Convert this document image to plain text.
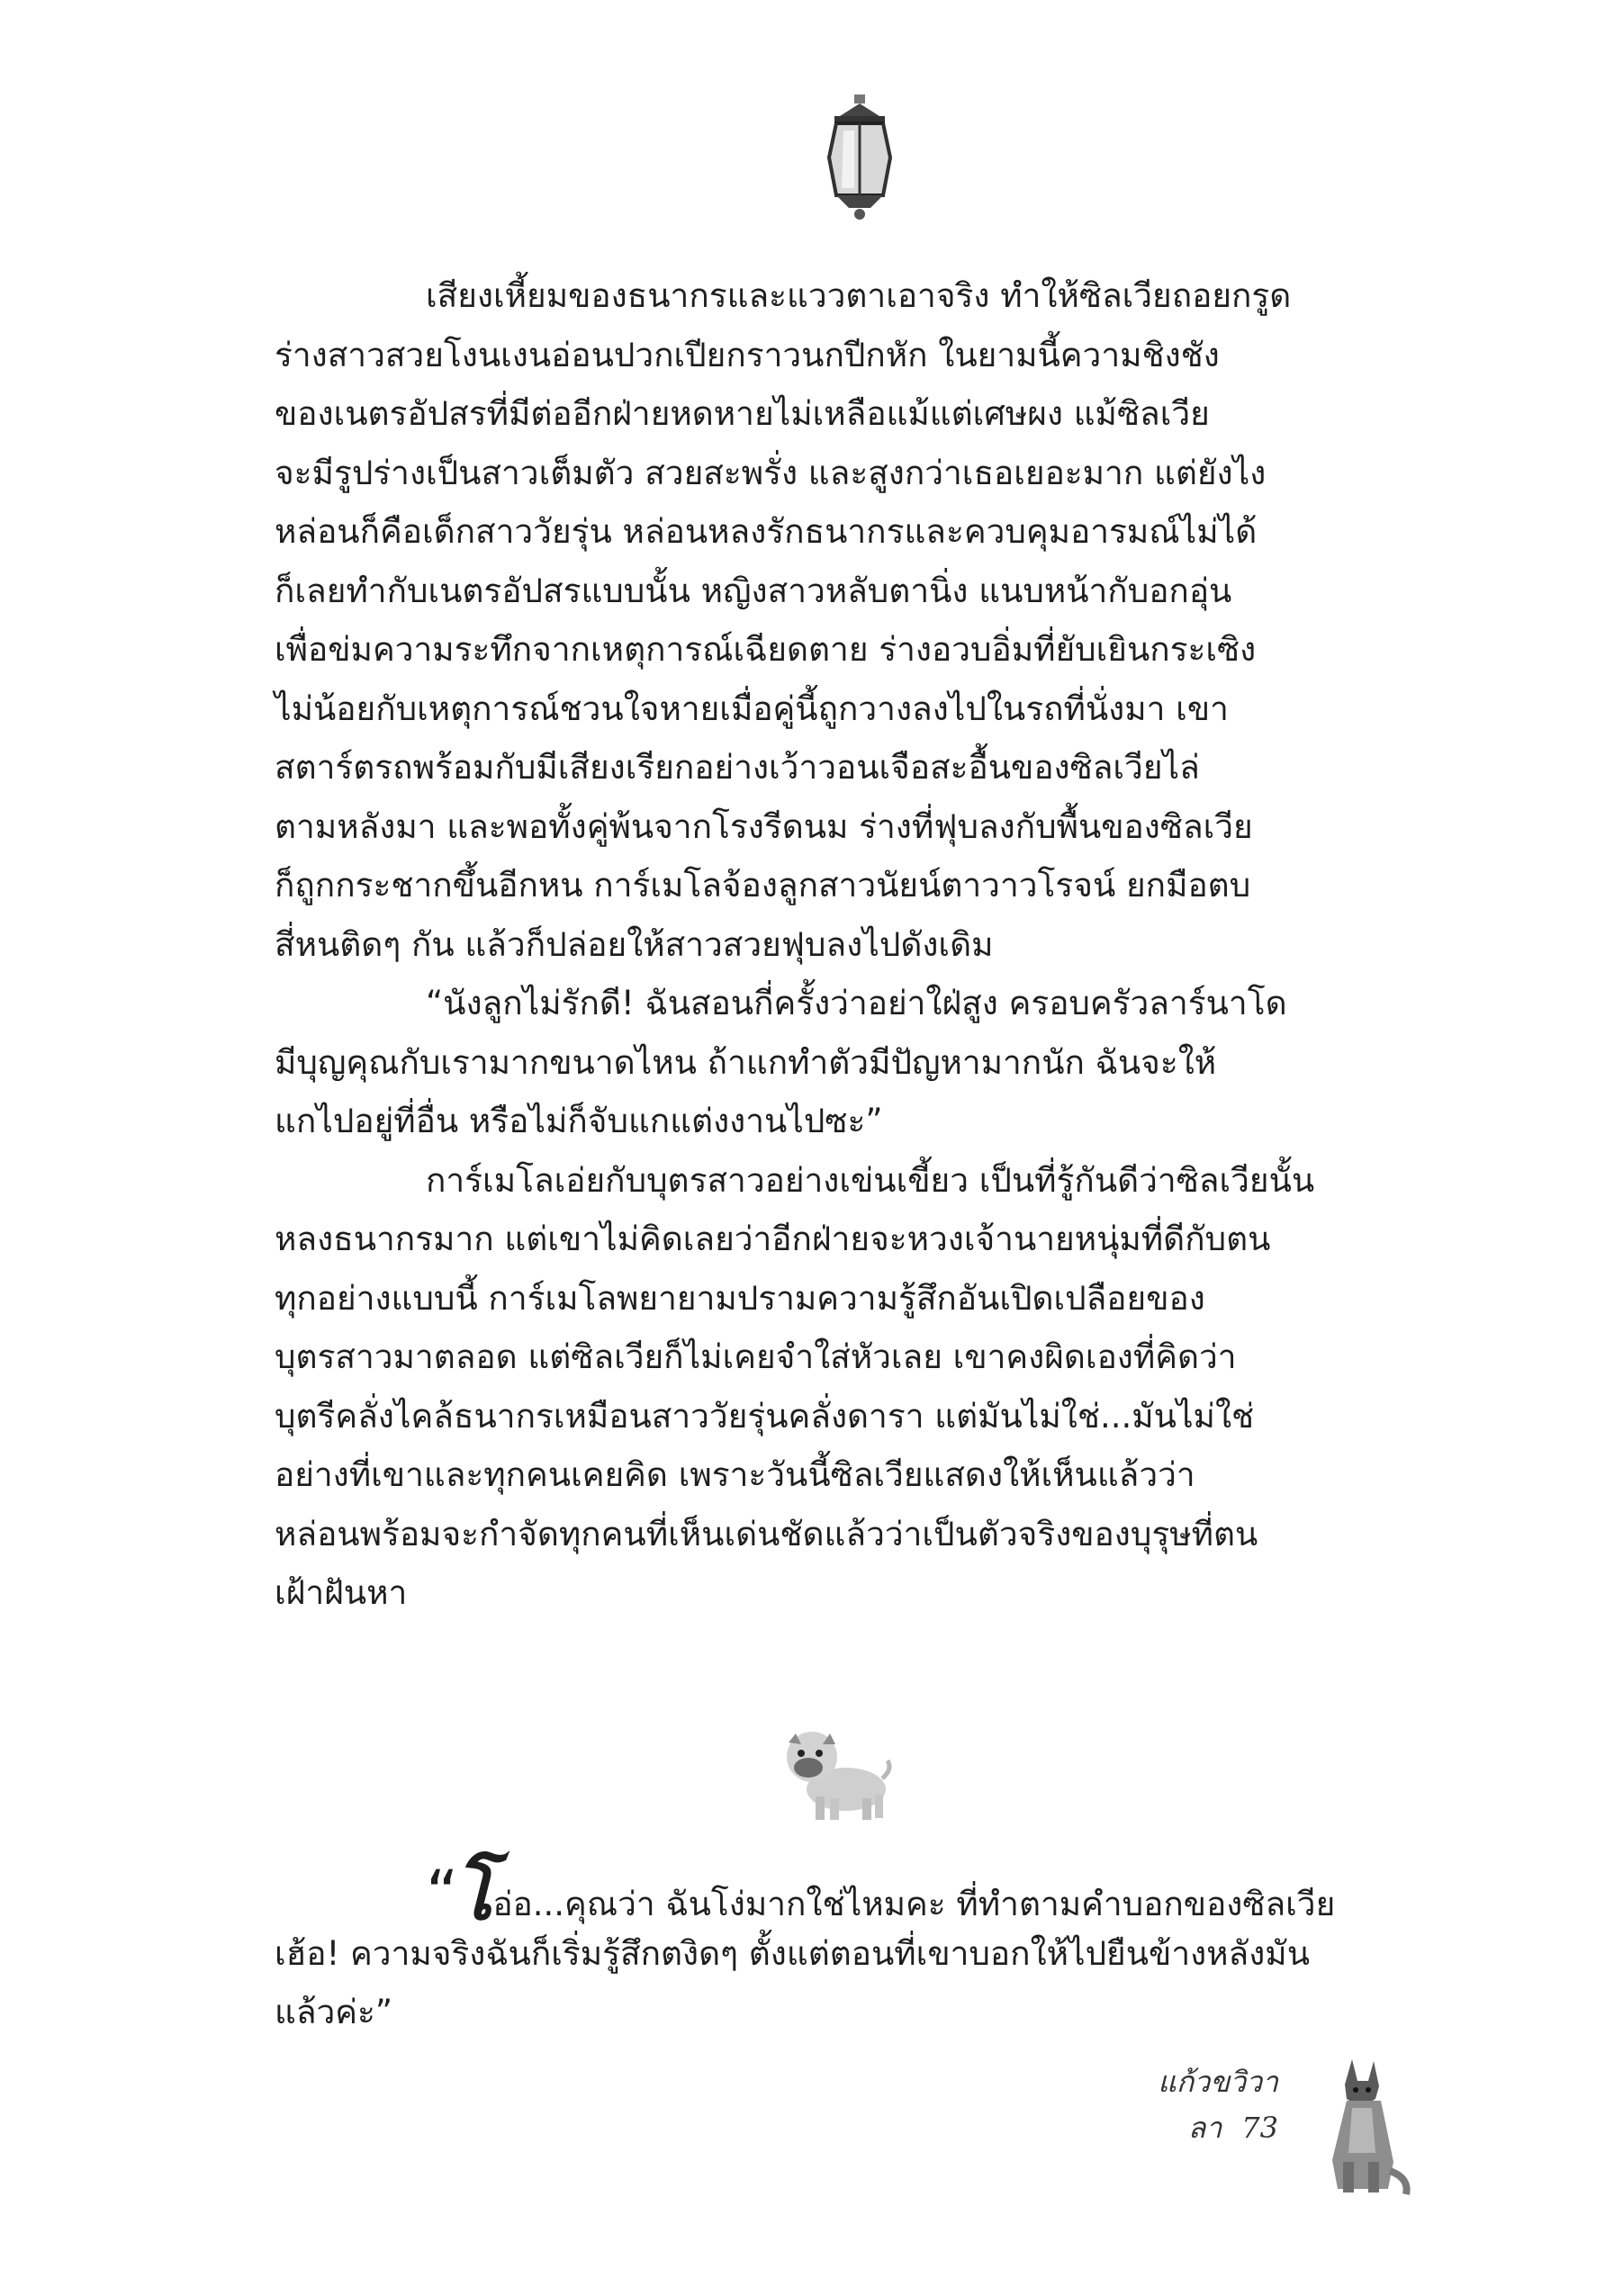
เสียงเหี้ยมของธนากรและแววตาเอาจริง ทำให้ซิลเวียถอยกรูด
ร่างสาวสวยโงนเงนอ่อนปวกเปียกราวนกปีกหัก ในยามนี้ความชิงชัง
ของเนตรอัปสรที่มีต่ออีกฝ่ายหดหายไม่เหลือแม้แต่เศษผง แม้ซิลเวีย
จะมีรูปร่างเป็นสาวเต็มตัว สวยสะพรั่ง และสูงกว่าเธอเยอะมาก แต่ยังไง
หล่อนก็คือเด็กสาววัยรุ่น หล่อนหลงรักธนากรและควบคุมอารมณ์ไม่ได้
ก็เลยทำกับเนตรอัปสรแบบนั้น หญิงสาวหลับตานิ่ง แนบหน้ากับอกอุ่น
เพื่อข่มความระทึกจากเหตุการณ์เฉียดตาย ร่างอวบอิ่มที่ยับเยินกระเซิง
ไม่น้อยกับเหตุการณ์ชวนใจหายเมื่อคู่นี้ถูกวางลงไปในรถที่นั่งมา เขา
สตาร์ตรถพร้อมกับมีเสียงเรียกอย่างเว้าวอนเจือสะอื้นของซิลเวียไล่
ตามหลังมา และพอทั้งคู่พ้นจากโรงรีดนม ร่างที่ฟุบลงกับพื้นของซิลเวีย
ก็ถูกกระชากขึ้นอีกหน การ์เมโลจ้องลูกสาวนัยน์ตาวาวโรจน์ ยกมือตบ
สี่หนติดๆ กัน แล้วก็ปล่อยให้สาวสวยฟุบลงไปดังเดิม
“นังลูกไม่รักดี! ฉันสอนกี่ครั้งว่าอย่าใฝ่สูง ครอบครัวลาร์นาโด
มีบุญคุณกับเรามากขนาดไหน ถ้าแกทำตัวมีปัญหามากนัก ฉันจะให้
แกไปอยู่ที่อื่น หรือไม่ก็จับแกแต่งงานไปซะ”
การ์เมโลเอ่ยกับบุตรสาวอย่างเข่นเขี้ยว เป็นที่รู้กันดีว่าซิลเวียนั้น
หลงธนากรมาก แต่เขาไม่คิดเลยว่าอีกฝ่ายจะหวงเจ้านายหนุ่มที่ดีกับตน
ทุกอย่างแบบนี้ การ์เมโลพยายามปรามความรู้สึกอันเปิดเปลือยของ
บุตรสาวมาตลอด แต่ซิลเวียก็ไม่เคยจำใส่หัวเลย เขาคงผิดเองที่คิดว่า
บุตรีคลั่งไคล้ธนากรเหมือนสาววัยรุ่นคลั่งดารา แต่มันไม่ใช่...มันไม่ใช่
อย่างที่เขาและทุกคนเคยคิด เพราะวันนี้ซิลเวียแสดงให้เห็นแล้วว่า
หล่อนพร้อมจะกำจัดทุกคนที่เห็นเด่นชัดแล้วว่าเป็นตัวจริงของบุรุษที่ตน
เฝ้าฝันหา
“โอ่อ...คุณว่า ฉันโง่มากใช่ไหมคะ ที่ทำตามคำบอกของซิลเวีย
เฮ้อ! ความจริงฉันก็เริ่มรู้สึกตงิดๆ ตั้งแต่ตอนที่เขาบอกให้ไปยืนข้างหลังมัน
แล้วค่ะ”
แก้วขวิวาลา 73
